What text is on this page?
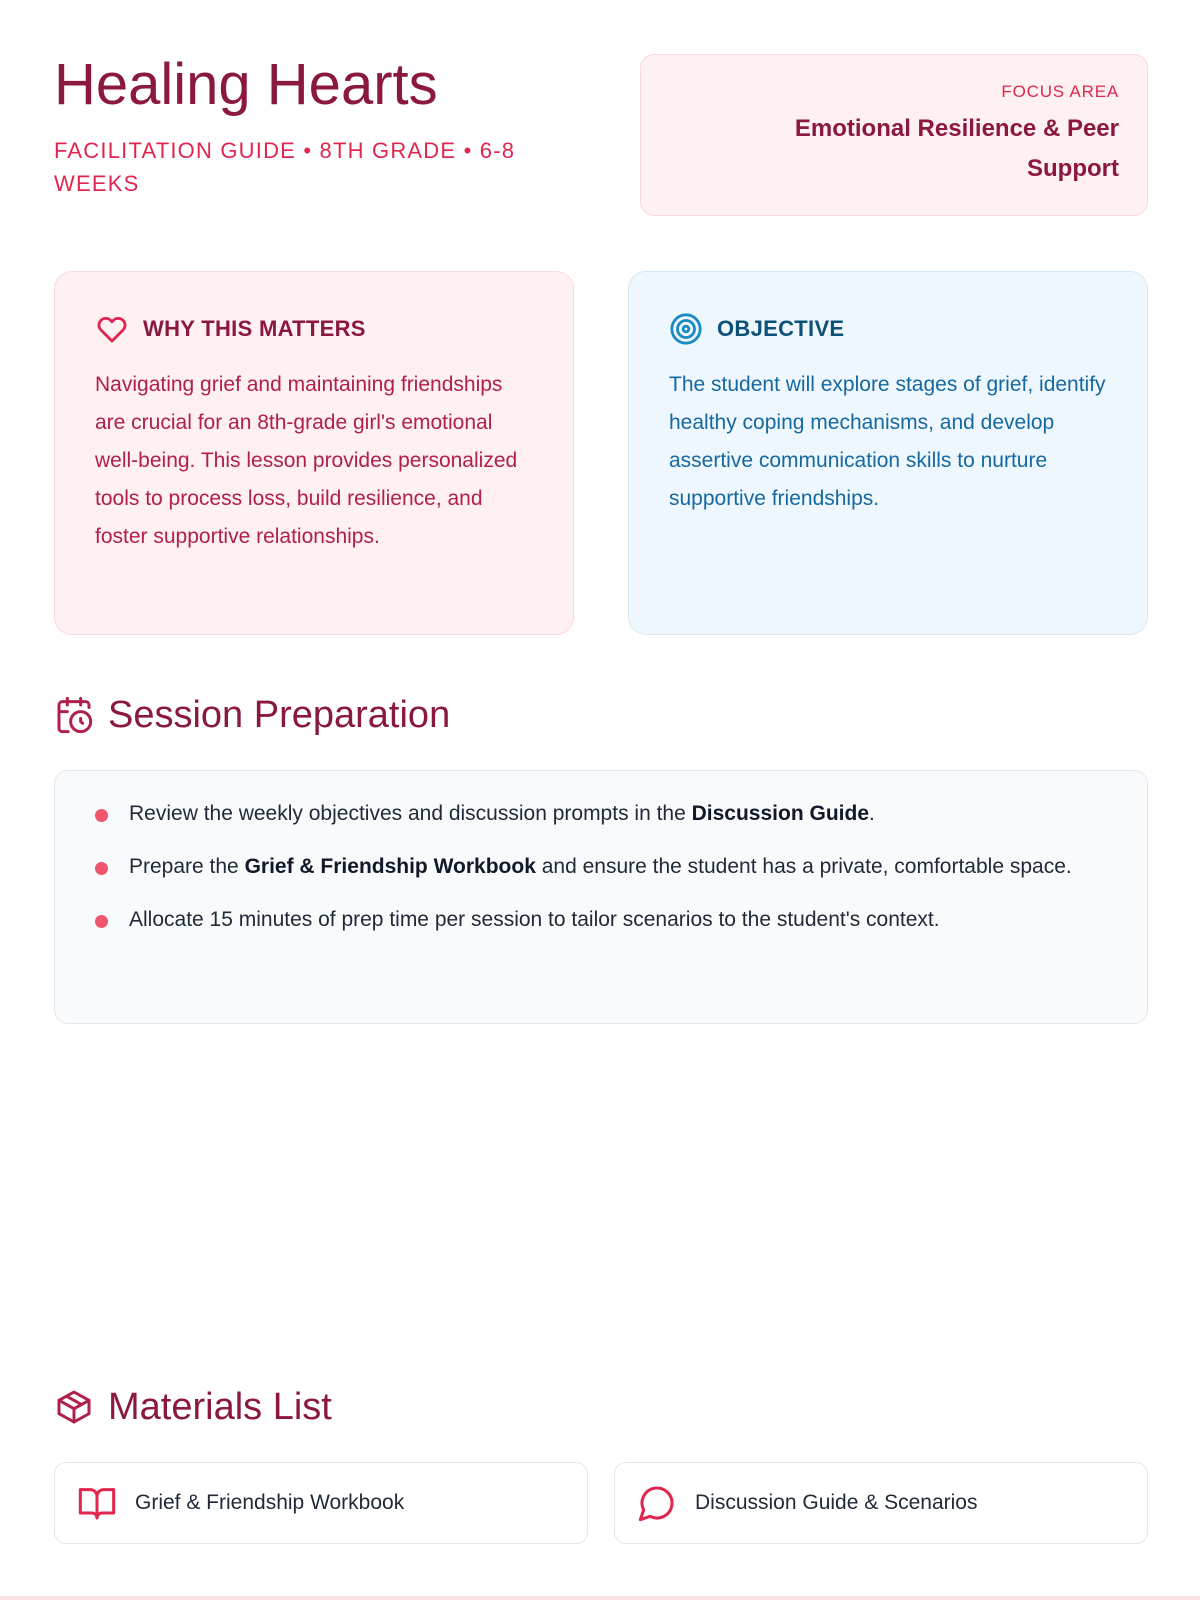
Healing Hearts
FACILITATION GUIDE • 8TH GRADE • 6-8 WEEKS
FOCUS AREA
Emotional Resilience & Peer Support
WHY THIS MATTERS

Navigating grief and maintaining friendships are crucial for an 8th-grade girl's emotional well-being. This lesson provides personalized tools to process loss, build resilience, and foster supportive relationships.

OBJECTIVE

The student will explore stages of grief, identify healthy coping mechanisms, and develop assertive communication skills to nurture supportive friendships.

Session Preparation
Review the weekly objectives and discussion prompts in the Discussion Guide.
Prepare the Grief & Friendship Workbook and ensure the student has a private, comfortable space.
Allocate 15 minutes of prep time per session to tailor scenarios to the student's context.
Materials List
Grief & Friendship Workbook	Discussion Guide & Scenarios
